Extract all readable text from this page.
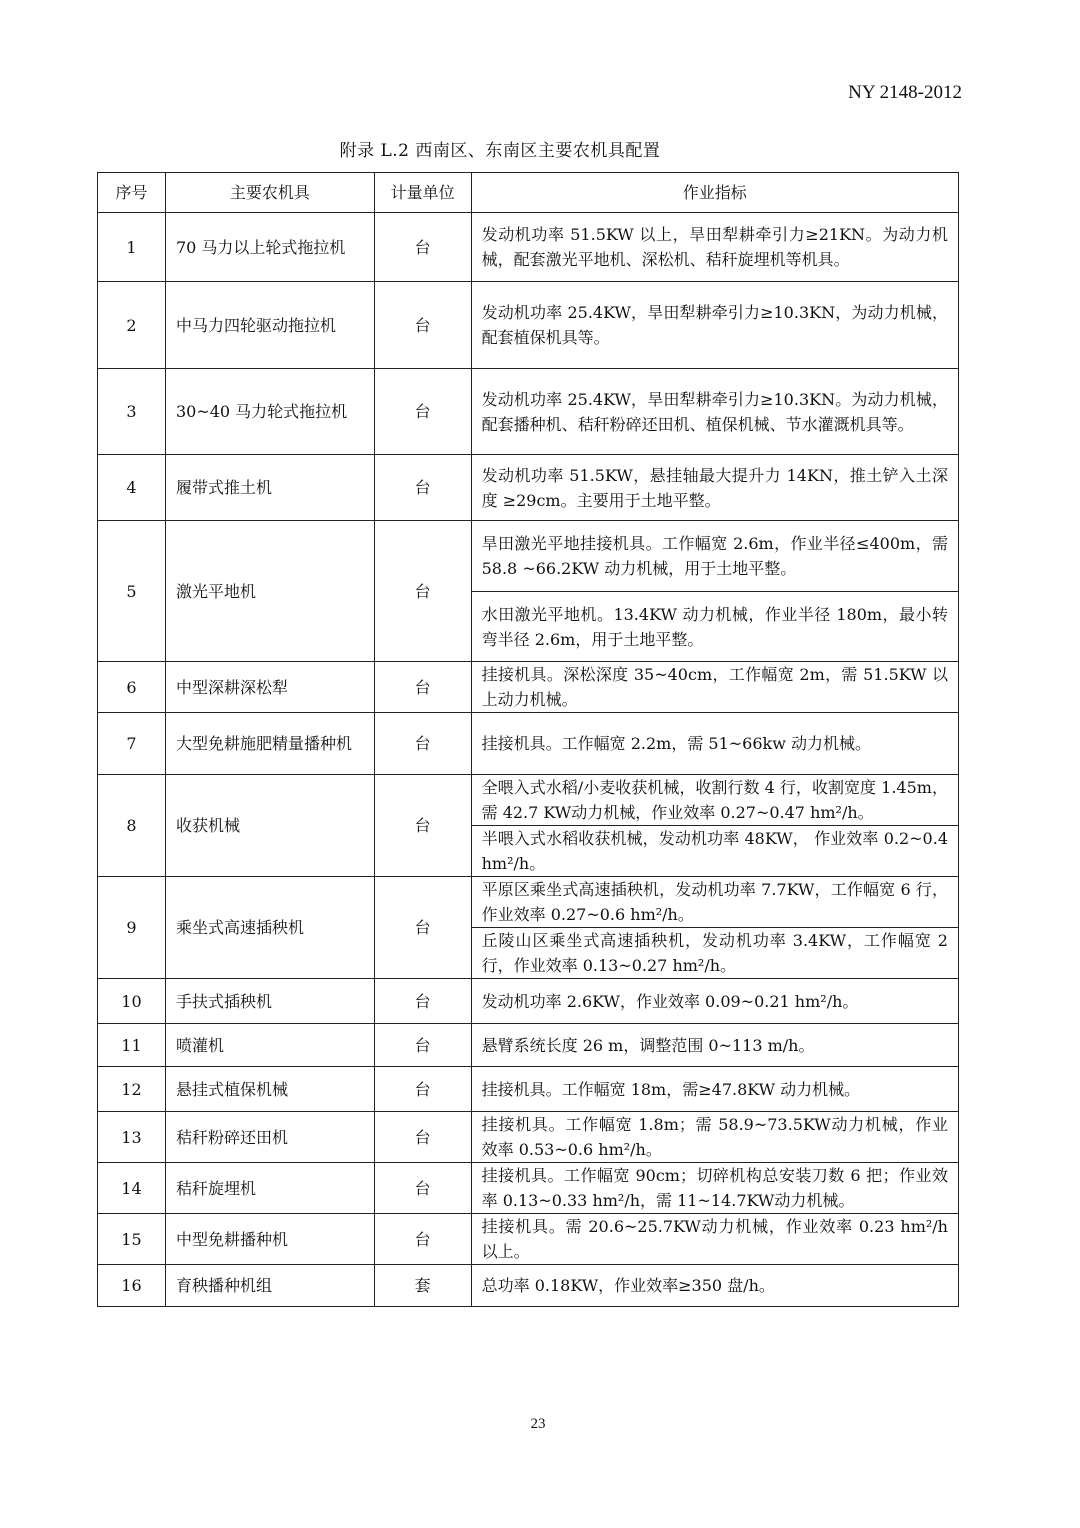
NY 2148-2012
附录 L.2 西南区、东南区主要农机具配置
序号	主要农机具	计量单位	作业指标
1	70 马力以上轮式拖拉机	台	发动机功率 51.5KW 以上，旱田犁耕牵引力≥21KN。为动力机械，配套激光平地机、深松机、秸秆旋埋机等机具。
2	中马力四轮驱动拖拉机	台	发动机功率 25.4KW，旱田犁耕牵引力≥10.3KN，为动力机械，配套植保机具等。
3	30~40 马力轮式拖拉机	台	发动机功率 25.4KW，旱田犁耕牵引力≥10.3KN。为动力机械，配套播种机、秸秆粉碎还田机、植保机械、节水灌溉机具等。
4	履带式推土机	台	发动机功率 51.5KW，悬挂轴最大提升力 14KN，推土铲入土深度 ≥29cm。主要用于土地平整。
5	激光平地机	台	旱田激光平地挂接机具。工作幅宽 2.6m，作业半径≤400m，需 58.8 ~66.2KW 动力机械，用于土地平整。
			水田激光平地机。13.4KW 动力机械，作业半径 180m，最小转弯半径 2.6m，用于土地平整。
6	中型深耕深松犁	台	挂接机具。深松深度 35~40cm，工作幅宽 2m，需 51.5KW 以上动力机械。
7	大型免耕施肥精量播种机	台	挂接机具。工作幅宽 2.2m，需 51~66kw 动力机械。
8	收获机械	台	全喂入式水稻/小麦收获机械，收割行数 4 行，收割宽度 1.45m，需 42.7 KW动力机械，作业效率 0.27~0.47 hm²/h。
			半喂入式水稻收获机械，发动机功率 48KW， 作业效率 0.2~0.4 hm²/h。
9	乘坐式高速插秧机	台	平原区乘坐式高速插秧机，发动机功率 7.7KW，工作幅宽 6 行，作业效率 0.27~0.6 hm²/h。
			丘陵山区乘坐式高速插秧机，发动机功率 3.4KW，工作幅宽 2 行，作业效率 0.13~0.27 hm²/h。
10	手扶式插秧机	台	发动机功率 2.6KW，作业效率 0.09~0.21 hm²/h。
11	喷灌机	台	悬臂系统长度 26 m，调整范围 0~113 m/h。
12	悬挂式植保机械	台	挂接机具。工作幅宽 18m，需≥47.8KW 动力机械。
13	秸秆粉碎还田机	台	挂接机具。工作幅宽 1.8m；需 58.9~73.5KW动力机械，作业效率 0.53~0.6 hm²/h。
14	秸秆旋埋机	台	挂接机具。工作幅宽 90cm；切碎机构总安装刀数 6 把；作业效率 0.13~0.33 hm²/h，需 11~14.7KW动力机械。
15	中型免耕播种机	台	挂接机具。需 20.6~25.7KW动力机械，作业效率 0.23 hm²/h 以上。
16	育秧播种机组	套	总功率 0.18KW，作业效率≥350 盘/h。
23
